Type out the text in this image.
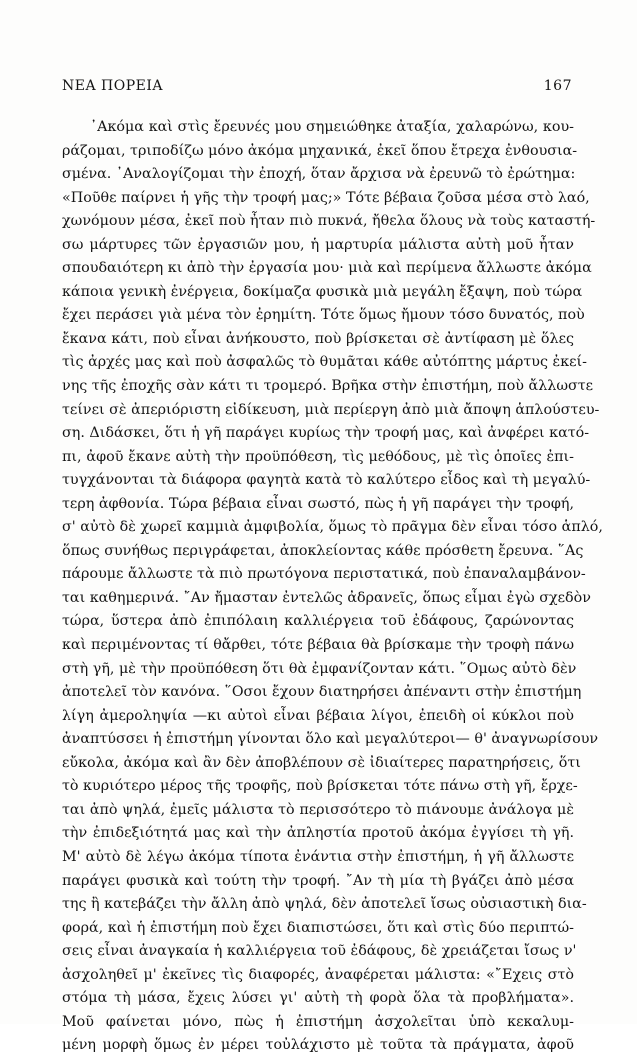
ΝΕΑ ΠΟΡΕΙΑ	167
᾿Ακόμα καὶ στὶς ἔρευνές μου σημειώθηκε ἀταξία, χαλαρώνω, κου-
ράζομαι, τριποδίζω μόνο ἀκόμα μηχανικά, ἐκεῖ ὅπου ἔτρεχα ἐνθουσια-
σμένα. ᾿Αναλογίζομαι τὴν ἐποχή, ὅταν ἄρχισα νὰ ἐρευνῶ τὸ ἐρώτημα:
«Ποῦθε παίρνει ἡ γῆς τὴν τροφή μας;» Τότε βέβαια ζοῦσα μέσα στὸ λαό,
χωνόμουν μέσα, ἐκεῖ ποὺ ἦταν πιὸ πυκνά, ἤθελα ὅλους νὰ τοὺς καταστή-
σω μάρτυρες τῶν ἐργασιῶν μου, ἡ μαρτυρία μάλιστα αὐτὴ μοῦ ἦταν
σπουδαιότερη κι ἀπὸ τὴν ἐργασία μου· μιὰ καὶ περίμενα ἄλλωστε ἀκόμα
κάποια γενικὴ ἐνέργεια, δοκίμαζα φυσικὰ μιὰ μεγάλη ἔξαψη, ποὺ τώρα
ἔχει περάσει γιὰ μένα τὸν ἐρημίτη. Τότε ὅμως ἤμουν τόσο δυνατός, ποὺ
ἔκανα κάτι, ποὺ εἶναι ἀνήκουστο, ποὺ βρίσκεται σὲ ἀντίφαση μὲ ὅλες
τὶς ἀρχές μας καὶ ποὺ ἀσφαλῶς τὸ θυμᾶται κάθε αὐτόπτης μάρτυς ἐκεί-
νης τῆς ἐποχῆς σὰν κάτι τι τρομερό. Βρῆκα στὴν ἐπιστήμη, ποὺ ἄλλωστε
τείνει σὲ ἀπεριόριστη εἰδίκευση, μιὰ περίεργη ἀπὸ μιὰ ἄποψη ἁπλούστευ-
ση. Διδάσκει, ὅτι ἡ γῆ παράγει κυρίως τὴν τροφή μας, καὶ ἀνφέρει κατό-
πι, ἀφοῦ ἔκανε αὐτὴ τὴν προϋπόθεση, τὶς μεθόδους, μὲ τὶς ὁποῖες ἐπι-
τυγχάνονται τὰ διάφορα φαγητὰ κατὰ τὸ καλύτερο εἶδος καὶ τὴ μεγαλύ-
τερη ἀφθονία. Τώρα βέβαια εἶναι σωστό, πὼς ἡ γῆ παράγει τὴν τροφή,
σ' αὐτὸ δὲ χωρεῖ καμμιὰ ἀμφιβολία, ὅμως τὸ πρᾶγμα δὲν εἶναι τόσο ἁπλό,
ὅπως συνήθως περιγράφεται, ἀποκλείοντας κάθε πρόσθετη ἔρευνα. ῞Ας
πάρουμε ἄλλωστε τὰ πιὸ πρωτόγονα περιστατικά, ποὺ ἐπαναλαμβάνον-
ται καθημερινά. ῎Αν ἤμασταν ἐντελῶς ἀδρανεῖς, ὅπως εἶμαι ἐγὼ σχεδὸν
τώρα, ὕστερα ἀπὸ ἐπιπόλαιη καλλιέργεια τοῦ ἐδάφους, ζαρώνοντας
καὶ περιμένοντας τί θἄρθει, τότε βέβαια θὰ βρίσκαμε τὴν τροφὴ πάνω
στὴ γῆ, μὲ τὴν προϋπόθεση ὅτι θὰ ἐμφανίζονταν κάτι. ῞Ομως αὐτὸ δὲν
ἀποτελεῖ τὸν κανόνα. ῞Οσοι ἔχουν διατηρήσει ἀπέναντι στὴν ἐπιστήμη
λίγη ἀμεροληψία —κι αὐτοὶ εἶναι βέβαια λίγοι, ἐπειδὴ οἱ κύκλοι ποὺ
ἀναπτύσσει ἡ ἐπιστήμη γίνονται ὅλο καὶ μεγαλύτεροι— θ' ἀναγνωρίσουν
εὔκολα, ἀκόμα καὶ ἂν δὲν ἀποβλέπουν σὲ ἰδιαίτερες παρατηρήσεις, ὅτι
τὸ κυριότερο μέρος τῆς τροφῆς, ποὺ βρίσκεται τότε πάνω στὴ γῆ, ἔρχε-
ται ἀπὸ ψηλά, ἐμεῖς μάλιστα τὸ περισσότερο τὸ πιάνουμε ἀνάλογα μὲ
τὴν ἐπιδεξιότητά μας καὶ τὴν ἀπληστία προτοῦ ἀκόμα ἐγγίσει τὴ γῆ.
Μ' αὐτὸ δὲ λέγω ἀκόμα τίποτα ἐνάντια στὴν ἐπιστήμη, ἡ γῆ ἄλλωστε
παράγει φυσικὰ καὶ τούτη τὴν τροφή. ῎Αν τὴ μία τὴ βγάζει ἀπὸ μέσα
της ἢ κατεβάζει τὴν ἄλλη ἀπὸ ψηλά, δὲν ἀποτελεῖ ἴσως οὐσιαστικὴ δια-
φορά, καὶ ἡ ἐπιστήμη ποὺ ἔχει διαπιστώσει, ὅτι καὶ στὶς δύο περιπτώ-
σεις εἶναι ἀναγκαία ἡ καλλιέργεια τοῦ ἐδάφους, δὲ χρειάζεται ἴσως ν'
ἀσχοληθεῖ μ' ἐκεῖνες τὶς διαφορές, ἀναφέρεται μάλιστα: «῎Εχεις στὸ
στόμα τὴ μάσα, ἔχεις λύσει γι' αὐτὴ τὴ φορὰ ὅλα τὰ προβλήματα».
Μοῦ φαίνεται μόνο, πὼς ἡ ἐπιστήμη ἀσχολεῖται ὑπὸ κεκαλυμ-
μένη μορφὴ ὅμως ἐν μέρει τοὐλάχιστο μὲ τοῦτα τὰ πράγματα, ἀφοῦ
